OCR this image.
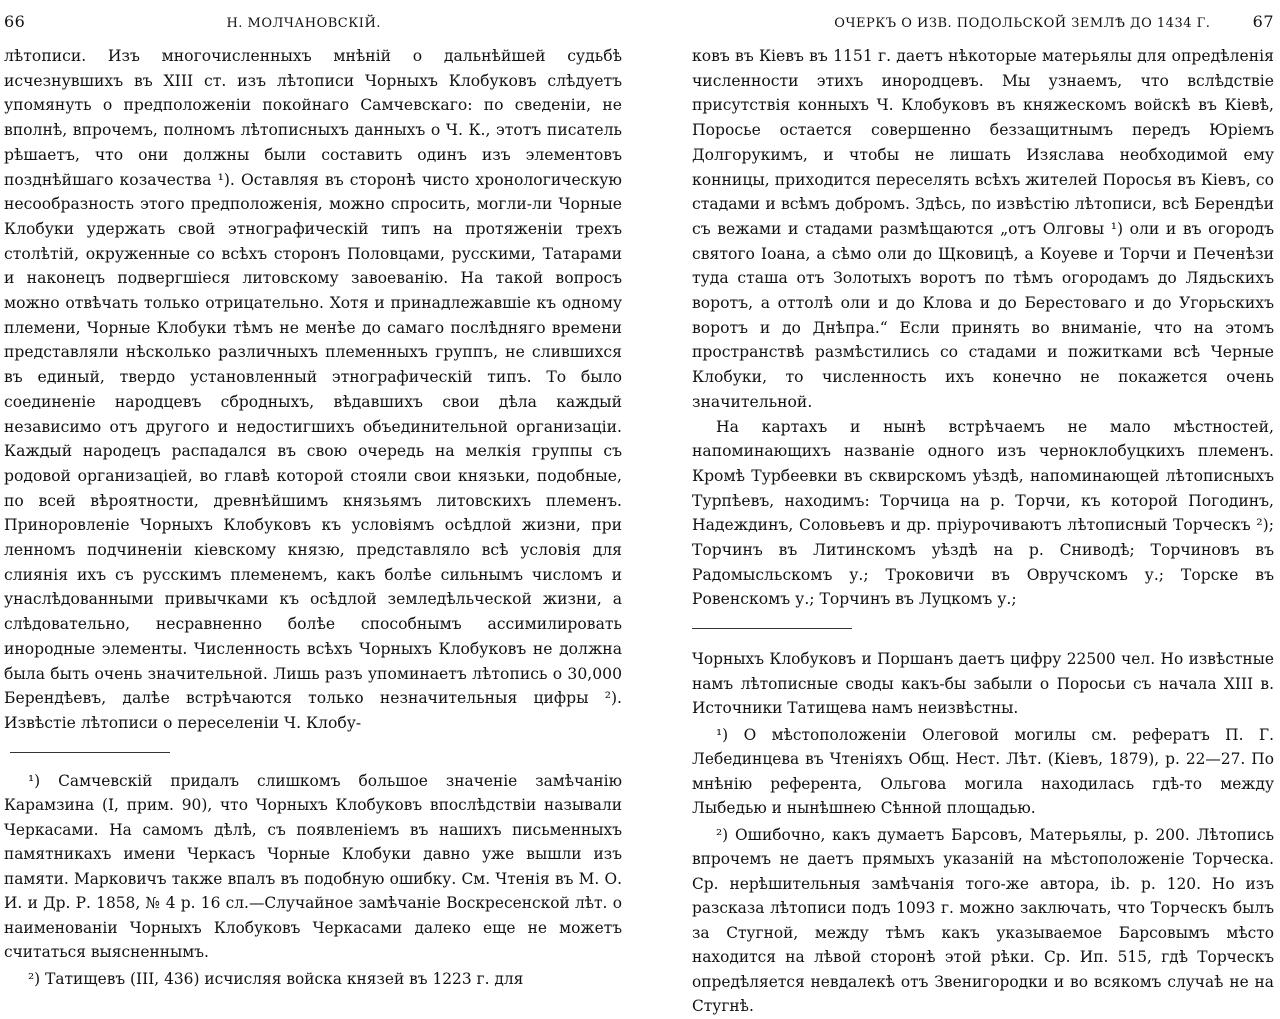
66	Н. МОЛЧАНОВСКІЙ.

лѣтописи. Изъ многочисленныхъ мнѣній о дальнѣйшей судьбѣ исчезнувшихъ въ XIII ст. изъ лѣтописи Чорныхъ Клобуковъ слѣдуетъ упомянуть о предположеніи покойнаго Самчевскаго: по сведеніи, не вполнѣ, впрочемъ, полномъ лѣтописныхъ данныхъ о Ч. К., этотъ писатель рѣшаетъ, что они должны были составить одинъ изъ элементовъ позднѣйшаго козачества ¹). Оставляя въ сторонѣ чисто хронологическую несообразность этого предположенія, можно спросить, могли-ли Чорные Клобуки удержать свой этнографическій типъ на протяженіи трехъ столѣтій, окруженные со всѣхъ сторонъ Половцами, русскими, Татарами и наконецъ подвергшіеся литовскому завоеванію. На такой вопросъ можно отвѣчать только отрицательно. Хотя и принадлежавшіе къ одному племени, Чорные Клобуки тѣмъ не менѣе до самаго послѣдняго времени представляли нѣсколько различныхъ племенныхъ группъ, не слившихся въ единый, твердо установленный этнографическій типъ. То было соединеніе народцевъ сбродныхъ, вѣдавшихъ свои дѣла каждый независимо отъ другого и недостигшихъ объединительной организаціи. Каждый народецъ распадался въ свою очередь на мелкія группы съ родовой организаціей, во главѣ которой стояли свои князьки, подобные, по всей вѣроятности, древнѣйшимъ князьямъ литовскихъ племенъ. Приноровленіе Чорныхъ Клобуковъ къ условіямъ осѣдлой жизни, при ленномъ подчиненіи кіевскому князю, представляло всѣ условія для слиянія ихъ съ русскимъ племенемъ, какъ болѣе сильнымъ числомъ и унаслѣдованными привычками къ осѣдлой земледѣльческой жизни, а слѣдовательно, несравненно болѣе способнымъ ассимилировать инородные элементы. Численность всѣхъ Чорныхъ Клобуковъ не должна была быть очень значительной. Лишь разъ упоминаетъ лѣтопись о 30,000 Берендѣевъ, далѣе встрѣчаются только незначительныя цифры ²). Извѣстіе лѣтописи о переселеніи Ч. Клобу-

¹) Самчевскій придалъ слишкомъ большое значеніе замѣчанію Карамзина (I, прим. 90), что Чорныхъ Клобуковъ впослѣдствіи называли Черкасами. На самомъ дѣлѣ, съ появленіемъ въ нашихъ письменныхъ памятникахъ имени Черкасъ Чорные Клобуки давно уже вышли изъ памяти. Марковичъ также впалъ въ подобную ошибку. См. Чтенія въ М. О. И. и Др. Р. 1858, № 4 р. 16 сл.—Случайное замѣчаніе Воскресенской лѣт. о наименованіи Чорныхъ Клобуковъ Черкасами далеко еще не можетъ считаться выясненнымъ.

²) Татищевъ (III, 436) исчисляя войска князей въ 1223 г. для

ОЧЕРКЪ О ИЗВ. ПОДОЛЬСКОЙ ЗЕМЛѢ ДО 1434 Г.	67

ковъ въ Кіевъ въ 1151 г. даетъ нѣкоторые матерьялы для опредѣленія численности этихъ инородцевъ. Мы узнаемъ, что вслѣдствіе присутствія конныхъ Ч. Клобуковъ въ княжескомъ войскѣ въ Кіевѣ, Поросье остается совершенно беззащитнымъ передъ Юріемъ Долгорукимъ, и чтобы не лишать Изяслава необходимой ему конницы, приходится переселять всѣхъ жителей Поросья въ Кіевъ, со стадами и всѣмъ добромъ. Здѣсь, по извѣстію лѣтописи, всѣ Берендѣи съ вежами и стадами размѣщаются „отъ Олговы ¹) оли и въ огородъ святого Іоана, а сѣмо оли до Щковицѣ, а Коуеве и Торчи и Печенѣзи туда сташа отъ Золотыхъ воротъ по тѣмъ огородамъ до Лядьскихъ воротъ, а оттолѣ оли и до Клова и до Берестоваго и до Угорьскихъ воротъ и до Днѣпра.“ Если принять во вниманіе, что на этомъ пространствѣ размѣстились со стадами и пожитками всѣ Черные Клобуки, то численность ихъ конечно не покажется очень значительной.

На картахъ и нынѣ встрѣчаемъ не мало мѣстностей, напоминающихъ названіе одного изъ черноклобуцкихъ племенъ. Кромѣ Турбеевки въ сквирскомъ уѣздѣ, напоминающей лѣтописныхъ Турпѣевъ, находимъ: Торчица на р. Торчи, къ которой Погодинъ, Надеждинъ, Соловьевъ и др. пріурочиваютъ лѣтописный Торческъ ²); Торчинъ въ Литинскомъ уѣздѣ на р. Сниводѣ; Торчиновъ въ Радомысльскомъ у.; Троковичи въ Овручскомъ у.; Торске въ Ровенскомъ у.; Торчинъ въ Луцкомъ у.;

Чорныхъ Клобуковъ и Поршанъ даетъ цифру 22500 чел. Но извѣстные намъ лѣтописные своды какъ-бы забыли о Поросьи съ начала XIII в. Источники Татищева намъ неизвѣстны.

¹) О мѣстоположеніи Олеговой могилы см. рефератъ П. Г. Лебединцева въ Чтеніяхъ Общ. Нест. Лѣт. (Кіевъ, 1879), р. 22—27. По мнѣнію референта, Ольгова могила находилась гдѣ-то между Лыбедью и нынѣшнею Сѣнной площадью.

²) Ошибочно, какъ думаетъ Барсовъ, Матерьялы, р. 200. Лѣтопись впрочемъ не даетъ прямыхъ указаній на мѣстоположеніе Торческа. Ср. нерѣшительныя замѣчанія того-же автора, ib. р. 120. Но изъ разсказа лѣтописи подъ 1093 г. можно заключать, что Торческъ былъ за Стугной, между тѣмъ какъ указываемое Барсовымъ мѣсто находится на лѣвой сторонѣ этой рѣки. Ср. Ип. 515, гдѣ Торческъ опредѣляется невдалекѣ отъ Звенигородки и во всякомъ случаѣ не на Стугнѣ.
